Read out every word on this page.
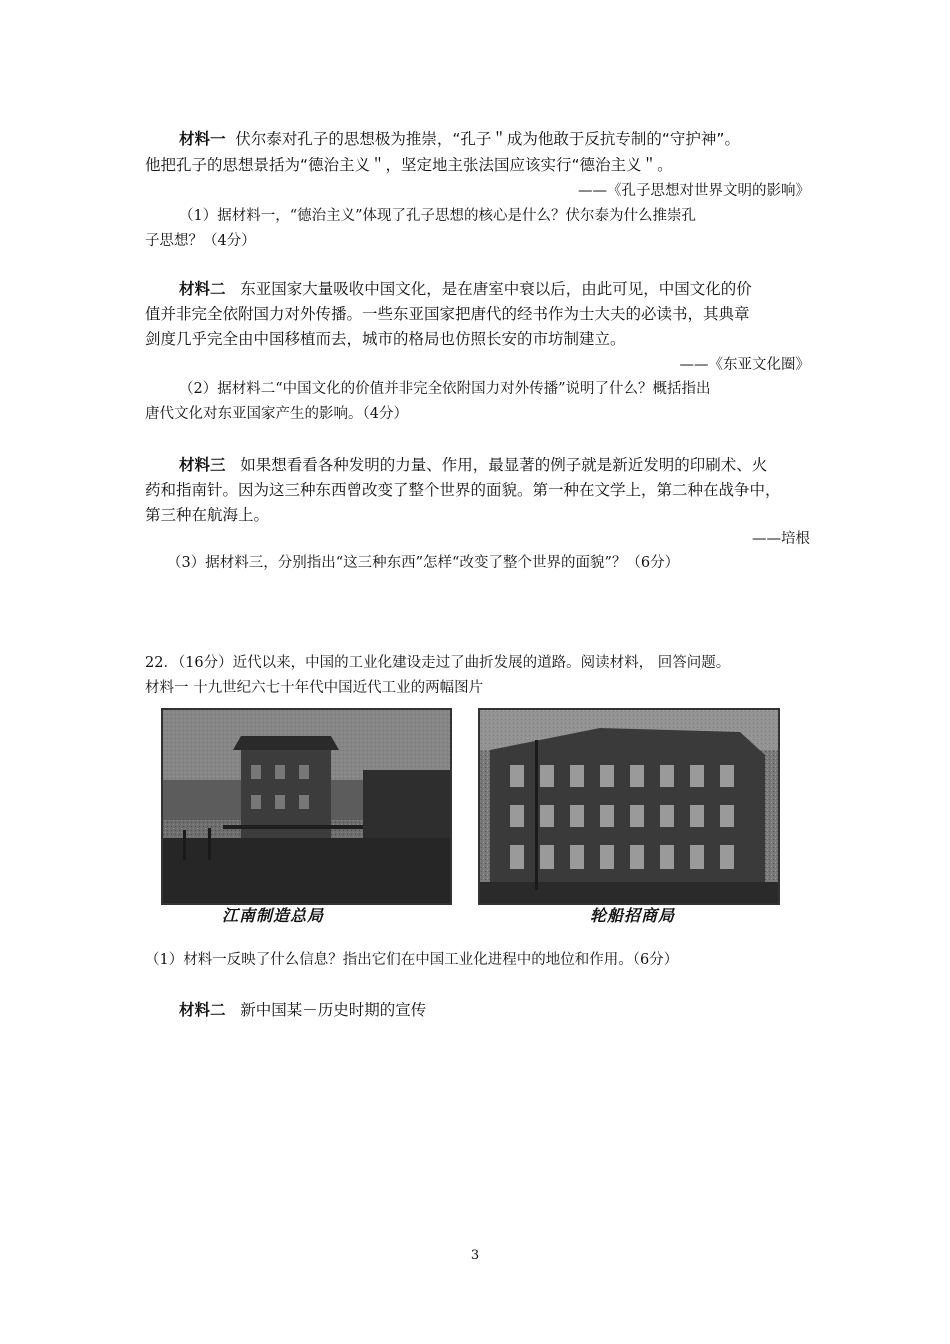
材料一 伏尔泰对孔子的思想极为推崇，“孔子＂成为他敢于反抗专制的“守护神”。
他把孔子的思想景括为“德治主义＂，坚定地主张法国应该实行“德治主义＂。
——《孔子思想对世界文明的影响》
（1）据材料一，“德治主义”体现了孔子思想的核心是什么？伏尔泰为什么推崇孔
子思想？（4分）
材料二 东亚国家大量吸收中国文化，是在唐室中衰以后，由此可见，中国文化的价
值并非完全依附国力对外传播。一些东亚国家把唐代的经书作为士大夫的必读书，其典章
剑度几乎完全由中国移植而去，城市的格局也仿照长安的市坊制建立。
——《东亚文化圈》
（2）据材料二“中国文化的价值并非完全依附国力对外传播”说明了什么？概括指出
唐代文化对东亚国家产生的影响。（4分）
材料三 如果想看看各种发明的力量、作用，最显著的例子就是新近发明的印刷术、火
药和指南针。因为这三种东西曾改变了整个世界的面貌。第一种在文学上，第二种在战争中，
第三种在航海上。
——培根
（3）据材料三，分别指出“这三种东西”怎样“改变了整个世界的面貌”？（6分）
22．（16分）近代以来，中国的工业化建设走过了曲折发展的道路。阅读材料， 回答问题。
材料一 十九世纪六七十年代中国近代工业的两幅图片
江南制造总局	轮船招商局
（1）材料一反映了什么信息？指出它们在中国工业化进程中的地位和作用。（6分）
材料二 新中国某－历史时期的宣传
3
